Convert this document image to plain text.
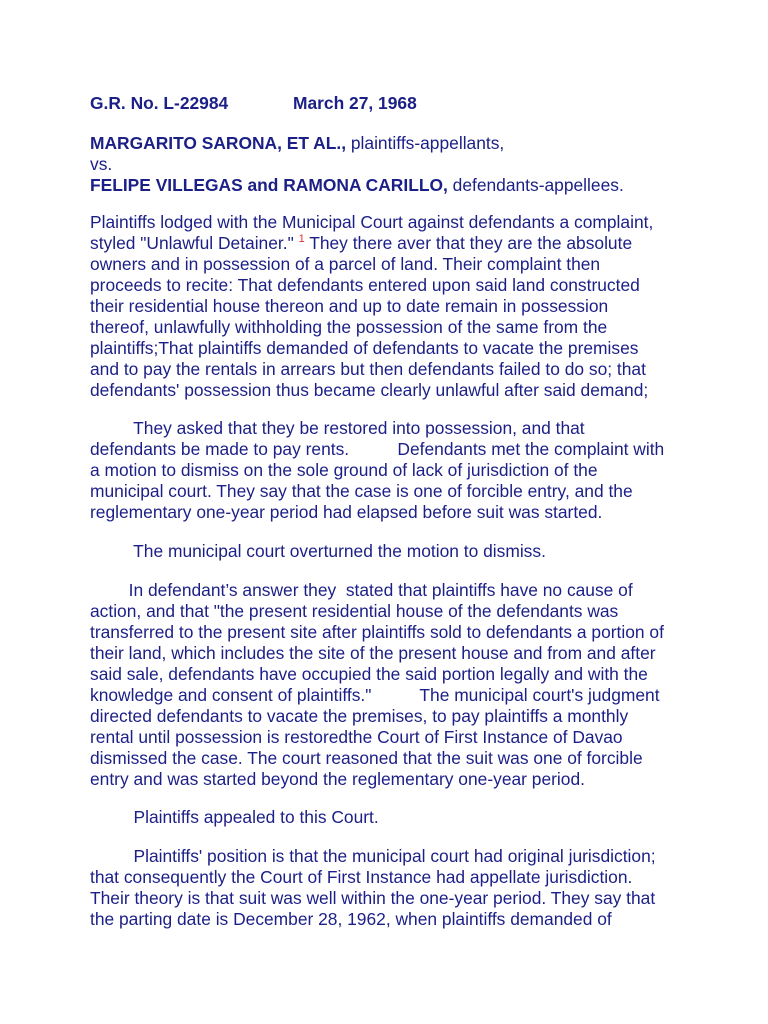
G.R. No. L-22984	March 27, 1968
MARGARITO SARONA, ET AL., plaintiffs-appellants,
vs.
FELIPE VILLEGAS and RAMONA CARILLO, defendants-appellees.
Plaintiffs lodged with the Municipal Court against defendants a complaint,
styled "Unlawful Detainer." $^1$ They there aver that they are the absolute
owners and in possession of a parcel of land. Their complaint then
proceeds to recite: That defendants entered upon said land constructed
their residential house thereon and up to date remain in possession
thereof, unlawfully withholding the possession of the same from the
plaintiffs;That plaintiffs demanded of defendants to vacate the premises
and to pay the rentals in arrears but then defendants failed to do so; that
defendants' possession thus became clearly unlawful after said demand;
They asked that they be restored into possession, and that
defendants be made to pay rents.          Defendants met the complaint with
a motion to dismiss on the sole ground of lack of jurisdiction of the
municipal court. They say that the case is one of forcible entry, and the
reglementary one-year period had elapsed before suit was started.
The municipal court overturned the motion to dismiss.
In defendant’s answer they  stated that plaintiffs have no cause of
action, and that "the present residential house of the defendants was
transferred to the present site after plaintiffs sold to defendants a portion of
their land, which includes the site of the present house and from and after
said sale, defendants have occupied the said portion legally and with the
knowledge and consent of plaintiffs."          The municipal court's judgment
directed defendants to vacate the premises, to pay plaintiffs a monthly
rental until possession is restoredthe Court of First Instance of Davao
dismissed the case. The court reasoned that the suit was one of forcible
entry and was started beyond the reglementary one-year period.
Plaintiffs appealed to this Court.
Plaintiffs' position is that the municipal court had original jurisdiction;
that consequently the Court of First Instance had appellate jurisdiction.
Their theory is that suit was well within the one-year period. They say that
the parting date is December 28, 1962, when plaintiffs demanded of
